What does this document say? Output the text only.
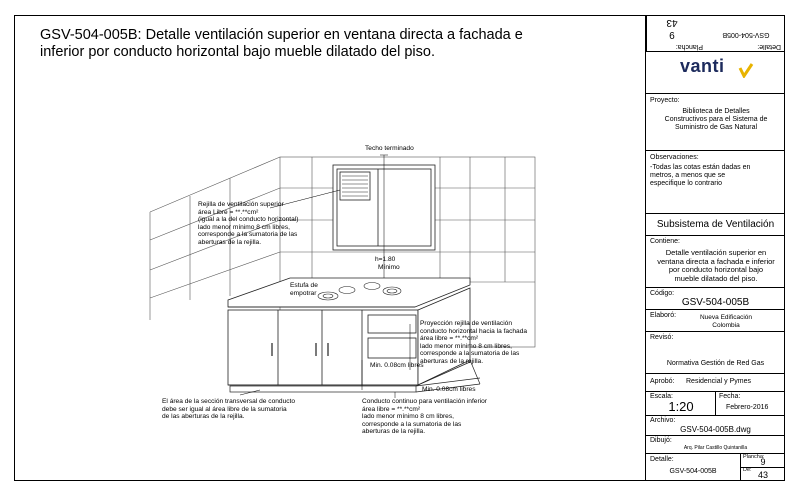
GSV-504-005B: Detalle ventilación superior en ventana directa a fachada e
inferior por conducto horizontal bajo mueble dilatado del piso.
Techo terminado
h=1.80
Mínimo
Estufa de
empotrar
Rejilla de ventilación superior
área Libre = **.**cm²
(igual a la del conducto horizontal)
lado menor mínimo 8 cm libres,
corresponde a la sumatoria de las
aberturas de la rejilla.
Proyección rejilla de ventilación
conducto horizontal hacia la fachada
área libre = **.**cm²
lado menor mínimo 8 cm libres,
corresponde a la sumatoria de las
aberturas de la rejilla.
Min. 0.08cm libres
Min. 0.08cm libres
El área de la sección transversal de conducto
debe ser igual al área libre de la sumatoria
de las aberturas de la rejilla.
Conducto continuo para ventilación inferior
área libre = **.**cm²
lado menor mínimo 8 cm libres,
corresponde a la sumatoria de las
aberturas de la rejilla.
Plancha:
9
43
Detalle:
GSV-504-005B
vanti
Proyecto:
Biblioteca de Detalles
Constructivos para el Sistema de
Suministro de Gas Natural
Observaciones:
-Todas las cotas están dadas en
metros, a menos que se
especifique lo contrario
Subsistema de Ventilación
Contiene:
Detalle ventilación superior en
ventana directa a fachada e inferior
por conducto horizontal bajo
mueble dilatado del piso.
Código:
GSV-504-005B
Elaboró:	Nueva Edificación
Colombia
Revisó:
Normativa Gestión de Red Gas
Aprobó: Residencial y Pymes
Escala:
1:20
Fecha:
Febrero-2016
Archivo:
GSV-504-005B.dwg
Dibujó:
Arq. Pilar Castillo Quintanilla
Detalle:
GSV-504-005B
Plancha:
9
De: 43
